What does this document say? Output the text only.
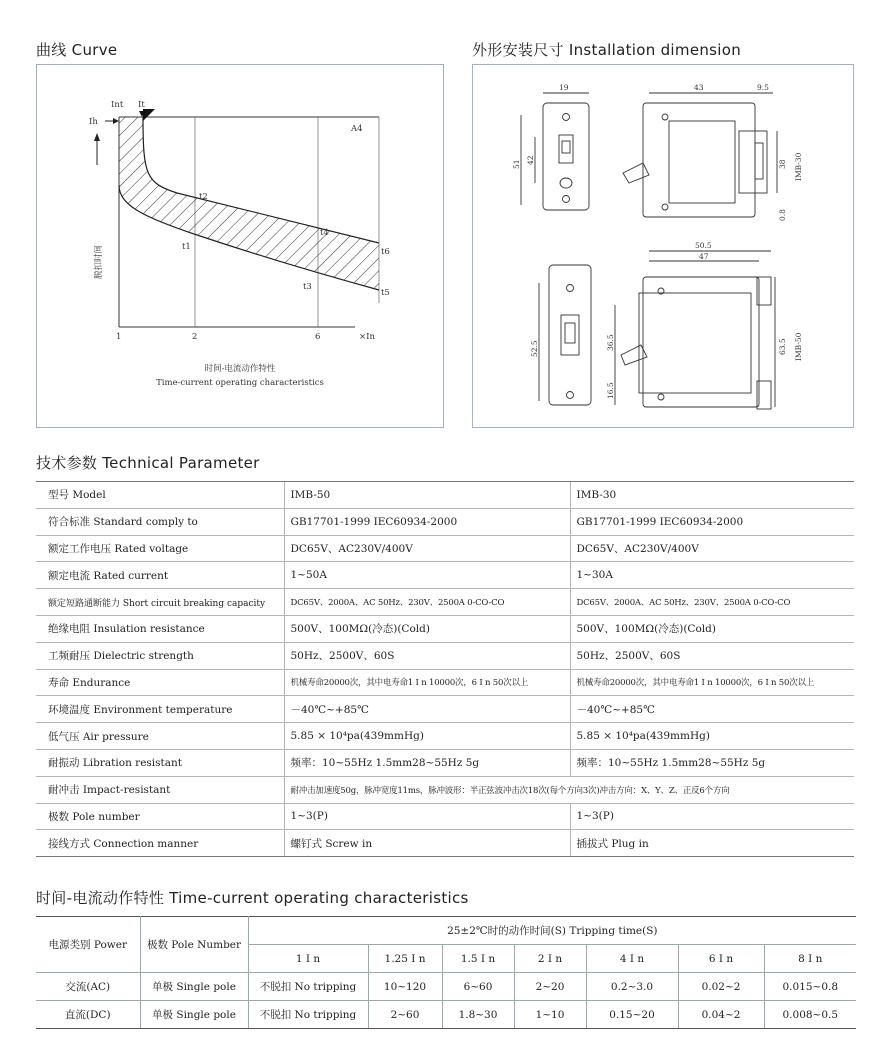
曲线 Curve
Int It
Ih
A4
脱扣时间	t1
t2
t3
t4
t5
t6
1	2	6	×In
时间-电流动作特性
Time-current operating characteristics
外形安装尺寸 Installation dimension
19	43	9.5
42
51	38
0.8
IMB-30
50.5
47
52.5	36.5
16.5
63.5 IMB-50
技术参数 Technical Parameter
型号 Model	IMB-50	IMB-30
符合标准 Standard comply to	GB17701-1999 IEC60934-2000	GB17701-1999 IEC60934-2000
额定工作电压 Rated voltage	DC65V、AC230V/400V	DC65V、AC230V/400V
额定电流 Rated current	1~50A	1~30A
额定短路通断能力 Short circuit breaking capacity	DC65V、2000A、AC 50Hz、230V、2500A 0-CO-CO	DC65V、2000A、AC 50Hz、230V、2500A 0-CO-CO
绝缘电阻 Insulation resistance	500V、100MΩ(冷态)(Cold)	500V、100MΩ(冷态)(Cold)
工频耐压 Dielectric strength	50Hz、2500V、60S	50Hz、2500V、60S
寿命 Endurance	机械寿命20000次，其中电寿命1 I n 10000次，6 I n 50次以上	机械寿命20000次，其中电寿命1 I n 10000次，6 I n 50次以上
环境温度 Environment temperature	－40℃~+85℃	－40℃~+85℃
低气压 Air pressure	5.85 × 10⁴pa(439mmHg)	5.85 × 10⁴pa(439mmHg)
耐振动 Libration resistant	频率：10~55Hz 1.5mm28~55Hz 5g	频率：10~55Hz 1.5mm28~55Hz 5g
耐冲击 Impact-resistant	耐冲击加速度50g，脉冲宽度11ms，脉冲波形：半正弦波冲击次18次(每个方向3次)冲击方向：X、Y、Z、正反6个方向	
极数 Pole number	1~3(P)	1~3(P)
接线方式 Connection manner	螺钉式 Screw in	插拔式 Plug in
时间-电流动作特性 Time-current operating characteristics
电源类别 Power	极数 Pole Number	25±2℃时的动作时间(S) Tripping time(S)						
		1 I n	1.25 I n	1.5 I n	2 I n	4 I n	6 I n	8 I n
交流(AC)	单极 Single pole	不脱扣 No tripping	10~120	6~60	2~20	0.2~3.0	0.02~2	0.015~0.8
直流(DC)	单极 Single pole	不脱扣 No tripping	2~60	1.8~30	1~10	0.15~20	0.04~2	0.008~0.5
